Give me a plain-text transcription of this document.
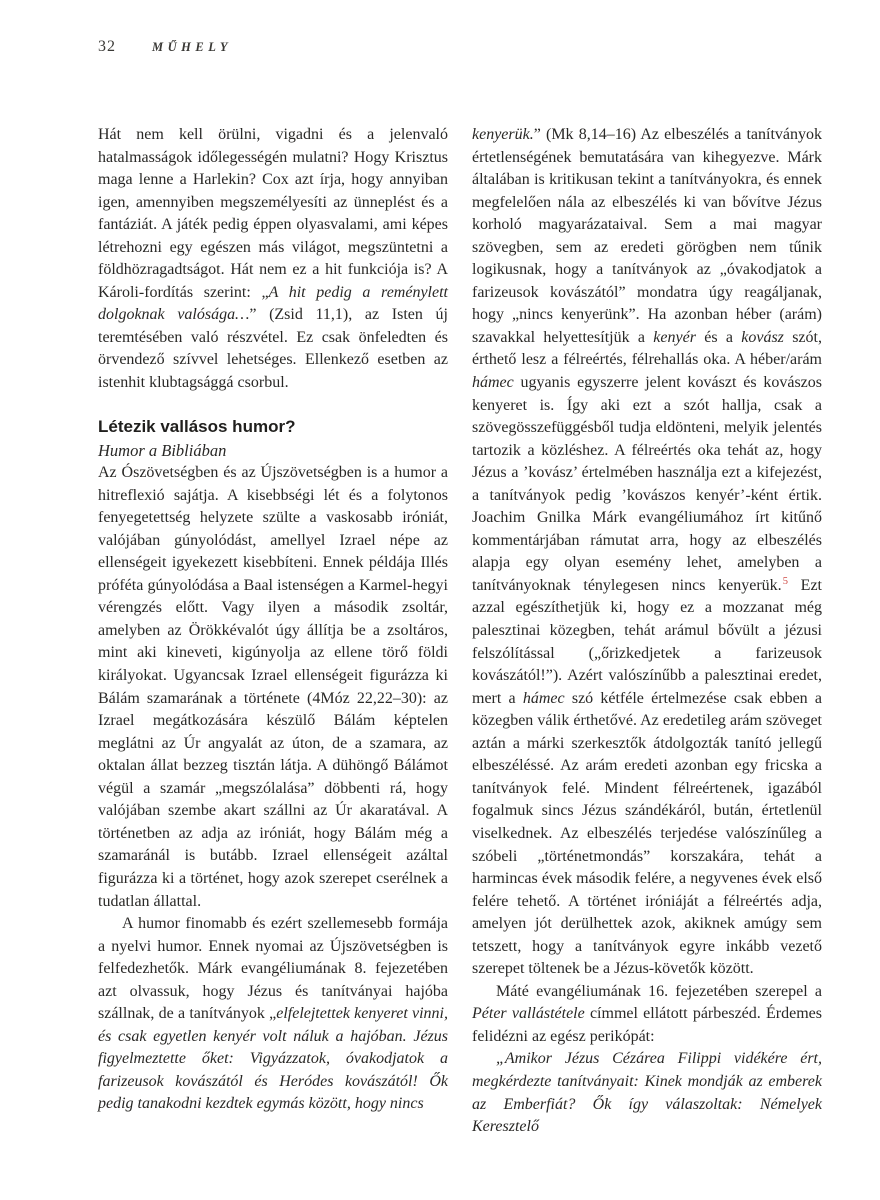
32	MŰHELY

Hát nem kell örülni, vigadni és a jelenvaló hatalmasságok időlegességén mulatni? Hogy Krisztus maga lenne a Harlekin? Cox azt írja, hogy annyiban igen, amennyiben megszemélyesíti az ünneplést és a fantáziát. A játék pedig éppen olyasvalami, ami képes létrehozni egy egészen más világot, megszüntetni a földhözragadtságot. Hát nem ez a hit funkciója is? A Károli-fordítás szerint: „A hit pedig a reménylett dolgoknak valósága…” (Zsid 11,1), az Isten új teremtésében való részvétel. Ez csak önfeledten és örvendező szívvel lehetséges. Ellenkező esetben az istenhit klubtagsággá csorbul.

Létezik vallásos humor?
Humor a Bibliában

Az Ószövetségben és az Újszövetségben is a humor a hitreflexió sajátja. A kisebbségi lét és a folytonos fenyegetettség helyzete szülte a vaskosabb iróniát, valójában gúnyolódást, amellyel Izrael népe az ellenségeit igyekezett kisebbíteni. Ennek példája Illés próféta gúnyolódása a Baal istenségen a Karmel-hegyi vérengzés előtt. Vagy ilyen a második zsoltár, amelyben az Örökkévalót úgy állítja be a zsoltáros, mint aki kineveti, kigúnyolja az ellene törő földi királyokat. Ugyancsak Izrael ellenségeit figurázza ki Bálám szamarának a története (4Móz 22,22–30): az Izrael megátkozására készülő Bálám képtelen meglátni az Úr angyalát az úton, de a szamara, az oktalan állat bezzeg tisztán látja. A dühöngő Bálámot végül a szamár „megszólalása” döbbenti rá, hogy valójában szembe akart szállni az Úr akaratával. A történetben az adja az iróniát, hogy Bálám még a szamaránál is butább. Izrael ellenségeit azáltal figurázza ki a történet, hogy azok szerepet cserélnek a tudatlan állattal.

A humor finomabb és ezért szellemesebb formája a nyelvi humor. Ennek nyomai az Újszövetségben is felfedezhetők. Márk evangéliumának 8. fejezetében azt olvassuk, hogy Jézus és tanítványai hajóba szállnak, de a tanítványok „elfelejtettek kenyeret vinni, és csak egyetlen kenyér volt náluk a hajóban. Jézus figyelmeztette őket: Vigyázzatok, óvakodjatok a farizeusok kovászától és Heródes kovászától! Ők pedig tanakodni kezdtek egymás között, hogy nincs

kenyerük.” (Mk 8,14–16) Az elbeszélés a tanítványok értetlenségének bemutatására van kihegyezve. Márk általában is kritikusan tekint a tanítványokra, és ennek megfelelően nála az elbeszélés ki van bővítve Jézus korholó magyarázataival. Sem a mai magyar szövegben, sem az eredeti görögben nem tűnik logikusnak, hogy a tanítványok az „óvakodjatok a farizeusok kovászától” mondatra úgy reagáljanak, hogy „nincs kenyerünk”. Ha azonban héber (arám) szavakkal helyettesítjük a kenyér és a kovász szót, érthető lesz a félreértés, félrehallás oka. A héber/arám hámec ugyanis egyszerre jelent kovászt és kovászos kenyeret is. Így aki ezt a szót hallja, csak a szövegösszefüggésből tudja eldönteni, melyik jelentés tartozik a közléshez. A félreértés oka tehát az, hogy Jézus a ’kovász’ értelmében használja ezt a kifejezést, a tanítványok pedig ’kovászos kenyér’-ként értik. Joachim Gnilka Márk evangéliumához írt kitűnő kommentárjában rámutat arra, hogy az elbeszélés alapja egy olyan esemény lehet, amelyben a tanítványoknak ténylegesen nincs kenyerük.$^5$ Ezt azzal egészíthetjük ki, hogy ez a mozzanat még palesztinai közegben, tehát arámul bővült a jézusi felszólítással („őrizkedjetek a farizeusok kovászától!”). Azért valószínűbb a palesztinai eredet, mert a hámec szó kétféle értelmezése csak ebben a közegben válik érthetővé. Az eredetileg arám szöveget aztán a márki szerkesztők átdolgozták tanító jellegű elbeszéléssé. Az arám eredeti azonban egy fricska a tanítványok felé. Mindent félreértenek, igazából fogalmuk sincs Jézus szándékáról, bután, értetlenül viselkednek. Az elbeszélés terjedése valószínűleg a szóbeli „történetmondás” korszakára, tehát a harmincas évek második felére, a negyvenes évek első felére tehető. A történet iróniáját a félreértés adja, amelyen jót derülhettek azok, akiknek amúgy sem tetszett, hogy a tanítványok egyre inkább vezető szerepet töltenek be a Jézus-követők között.

Máté evangéliumának 16. fejezetében szerepel a Péter vallástétele címmel ellátott párbeszéd. Érdemes felidézni az egész perikópát:

„Amikor Jézus Cézárea Filippi vidékére ért, megkérdezte tanítványait: Kinek mondják az emberek az Emberfiát? Ők így válaszoltak: Némelyek Keresztelő
